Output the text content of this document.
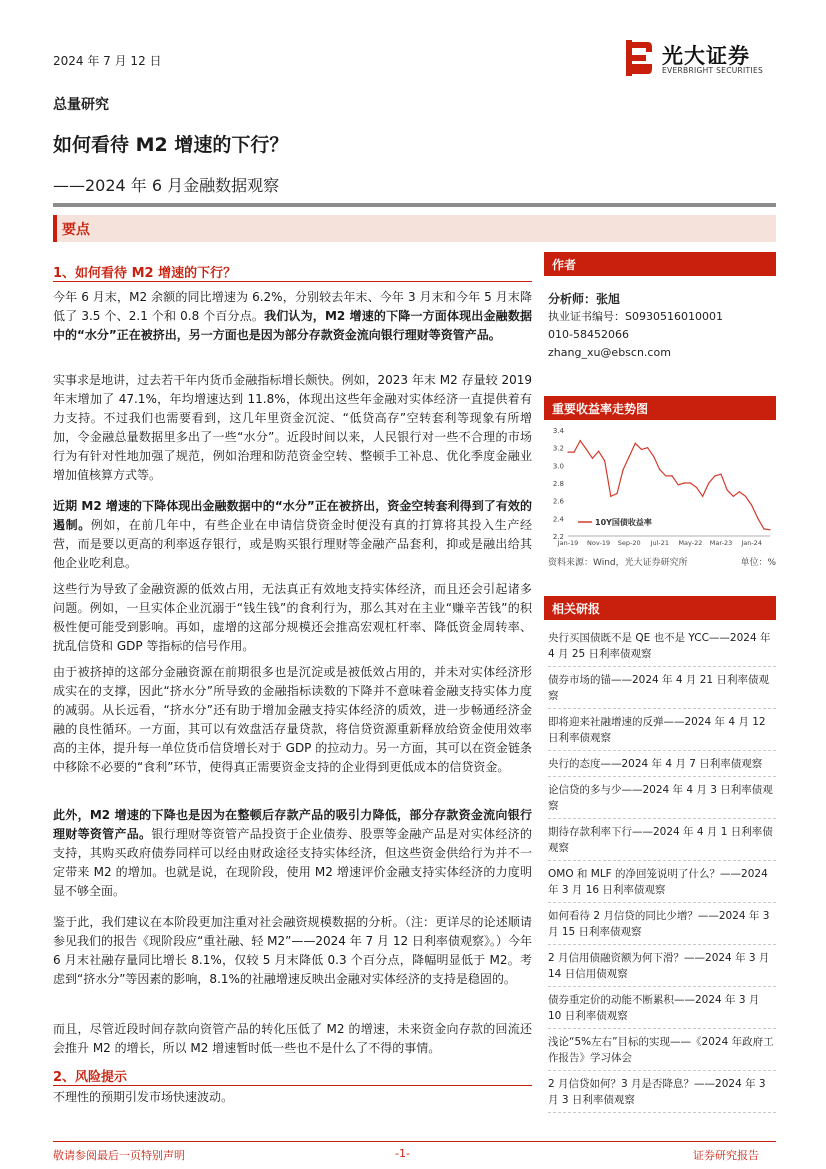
2024 年 7 月 12 日	光大证券
EVERBRIGHT SECURITIES
总量研究
如何看待 M2 增速的下行？
——2024 年 6 月金融数据观察
要点
1、如何看待 M2 增速的下行？
今年 6 月末，M2 余额的同比增速为 6.2%，分别较去年末、今年 3 月末和今年 5 月末降低了 3.5 个、2.1 个和 0.8 个百分点。我们认为，M2 增速的下降一方面体现出金融数据中的“水分”正在被挤出，另一方面也是因为部分存款资金流向银行理财等资管产品。
实事求是地讲，过去若干年内货币金融指标增长颇快。例如，2023 年末 M2 存量较 2019 年末增加了 47.1%，年均增速达到 11.8%，体现出这些年金融对实体经济一直提供着有力支持。不过我们也需要看到，这几年里资金沉淀、“低贷高存”空转套利等现象有所增加，令金融总量数据里多出了一些“水分”。近段时间以来，人民银行对一些不合理的市场行为有针对性地加强了规范，例如治理和防范资金空转、整顿手工补息、优化季度金融业增加值核算方式等。
近期 M2 增速的下降体现出金融数据中的“水分”正在被挤出，资金空转套利得到了有效的遏制。例如，在前几年中，有些企业在申请信贷资金时便没有真的打算将其投入生产经营，而是要以更高的利率返存银行，或是购买银行理财等金融产品套利，抑或是融出给其他企业吃利息。
这些行为导致了金融资源的低效占用，无法真正有效地支持实体经济，而且还会引起诸多问题。例如，一旦实体企业沉溺于“钱生钱”的食利行为，那么其对在主业“赚辛苦钱”的积极性便可能受到影响。再如，虚增的这部分规模还会推高宏观杠杆率、降低资金周转率、扰乱信贷和 GDP 等指标的信号作用。
由于被挤掉的这部分金融资源在前期很多也是沉淀或是被低效占用的，并未对实体经济形成实在的支撑，因此“挤水分”所导致的金融指标读数的下降并不意味着金融支持实体力度的减弱。从长远看，“挤水分”还有助于增加金融支持实体经济的质效，进一步畅通经济金融的良性循环。一方面，其可以有效盘活存量贷款，将信贷资源重新释放给资金使用效率高的主体，提升每一单位货币信贷增长对于 GDP 的拉动力。另一方面，其可以在资金链条中移除不必要的“食利”环节，使得真正需要资金支持的企业得到更低成本的信贷资金。
此外，M2 增速的下降也是因为在整顿后存款产品的吸引力降低，部分存款资金流向银行理财等资管产品。银行理财等资管产品投资于企业债券、股票等金融产品是对实体经济的支持，其购买政府债券同样可以经由财政途径支持实体经济，但这些资金供给行为并不一定带来 M2 的增加。也就是说，在现阶段，使用 M2 增速评价金融支持实体经济的力度明显不够全面。
鉴于此，我们建议在本阶段更加注重对社会融资规模数据的分析。（注：更详尽的论述顺请参见我们的报告《现阶段应“重社融、轻 M2”——2024 年 7 月 12 日利率债观察》。）今年 6 月末社融存量同比增长 8.1%，仅较 5 月末降低 0.3 个百分点，降幅明显低于 M2。考虑到“挤水分”等因素的影响，8.1%的社融增速反映出金融对实体经济的支持是稳固的。
而且，尽管近段时间存款向资管产品的转化压低了 M2 的增速，未来资金向存款的回流还会推升 M2 的增长，所以 M2 增速暂时低一些也不是什么了不得的事情。
2、风险提示
不理性的预期引发市场快速波动。
作者
分析师：张旭
执业证书编号：S0930516010001
010-58452066
zhang_xu@ebscn.com
重要收益率走势图
2.2
2.4
2.6
2.8
3.0
3.2
3.4
Jan-19 Nov-19 Sep-20 Jul-21 May-22 Mar-23 Jan-24
10Y国债收益率
资料来源：Wind，光大证券研究所	单位：%
相关研报
央行买国债既不是 QE 也不是 YCC——2024 年 4 月 25 日利率债观察
债券市场的锚——2024 年 4 月 21 日利率债观察
即将迎来社融增速的反弹——2024 年 4 月 12 日利率债观察
央行的态度——2024 年 4 月 7 日利率债观察
论信贷的多与少——2024 年 4 月 3 日利率债观察
期待存款利率下行——2024 年 4 月 1 日利率债观察
OMO 和 MLF 的净回笼说明了什么？——2024 年 3 月 16 日利率债观察
如何看待 2 月信贷的同比少增？——2024 年 3 月 15 日利率债观察
2 月信用债融资额为何下滑？——2024 年 3 月 14 日信用债观察
债券重定价的动能不断累积——2024 年 3 月 10 日利率债观察
浅论“5%左右”目标的实现——《2024 年政府工作报告》学习体会
2 月信贷如何？3 月是否降息？——2024 年 3 月 3 日利率债观察
敬请参阅最后一页特别声明	-1-	证券研究报告
